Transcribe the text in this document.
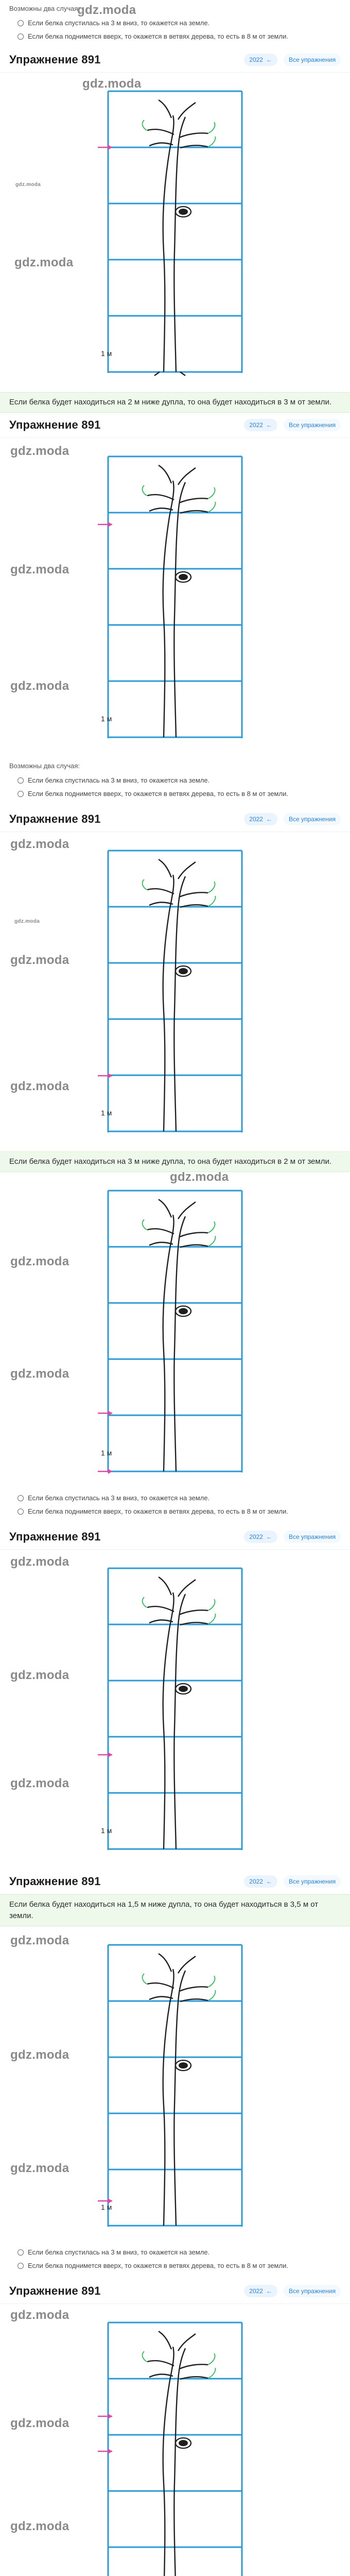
gdz.moda
Возможны два случая:
Если белка спустилась на 3 м вниз, то окажется на земле.
Если белка поднимется вверх, то окажется в ветвях дерева, то есть в 8 м от земли.
Упражнение 891	2022 ←	Все упражнения
gdz.moda
gdz.moda
gdz.moda
1 м
Если белка будет находиться на 2 м ниже дупла, то она будет находиться в 3 м от земли.
Упражнение 891	2022 ←	Все упражнения
gdz.moda
gdz.moda
gdz.moda
1 м
Возможны два случая:
Если белка спустилась на 3 м вниз, то окажется на земле.
Если белка поднимется вверх, то окажется в ветвях дерева, то есть в 8 м от земли.
Упражнение 891	2022 ←	Все упражнения
gdz.moda
gdz.moda
gdz.moda
gdz.moda
1 м
Если белка будет находиться на 3 м ниже дупла, то она будет находиться в 2 м от земли.
gdz.moda
gdz.moda
gdz.moda
1 м
Если белка спустилась на 3 м вниз, то окажется на земле.
Если белка поднимется вверх, то окажется в ветвях дерева, то есть в 8 м от земли.
Упражнение 891	2022 ←	Все упражнения
gdz.moda
gdz.moda
gdz.moda
1 м
Упражнение 891	2022 ←	Все упражнения
Если белка будет находиться на 1,5 м ниже дупла, то она будет находиться в 3,5 м от земли.
gdz.moda
gdz.moda
gdz.moda
1 м
Если белка спустилась на 3 м вниз, то окажется на земле.
Если белка поднимется вверх, то окажется в ветвях дерева, то есть в 8 м от земли.
Упражнение 891	2022 ←	Все упражнения
gdz.moda
gdz.moda
gdz.moda
